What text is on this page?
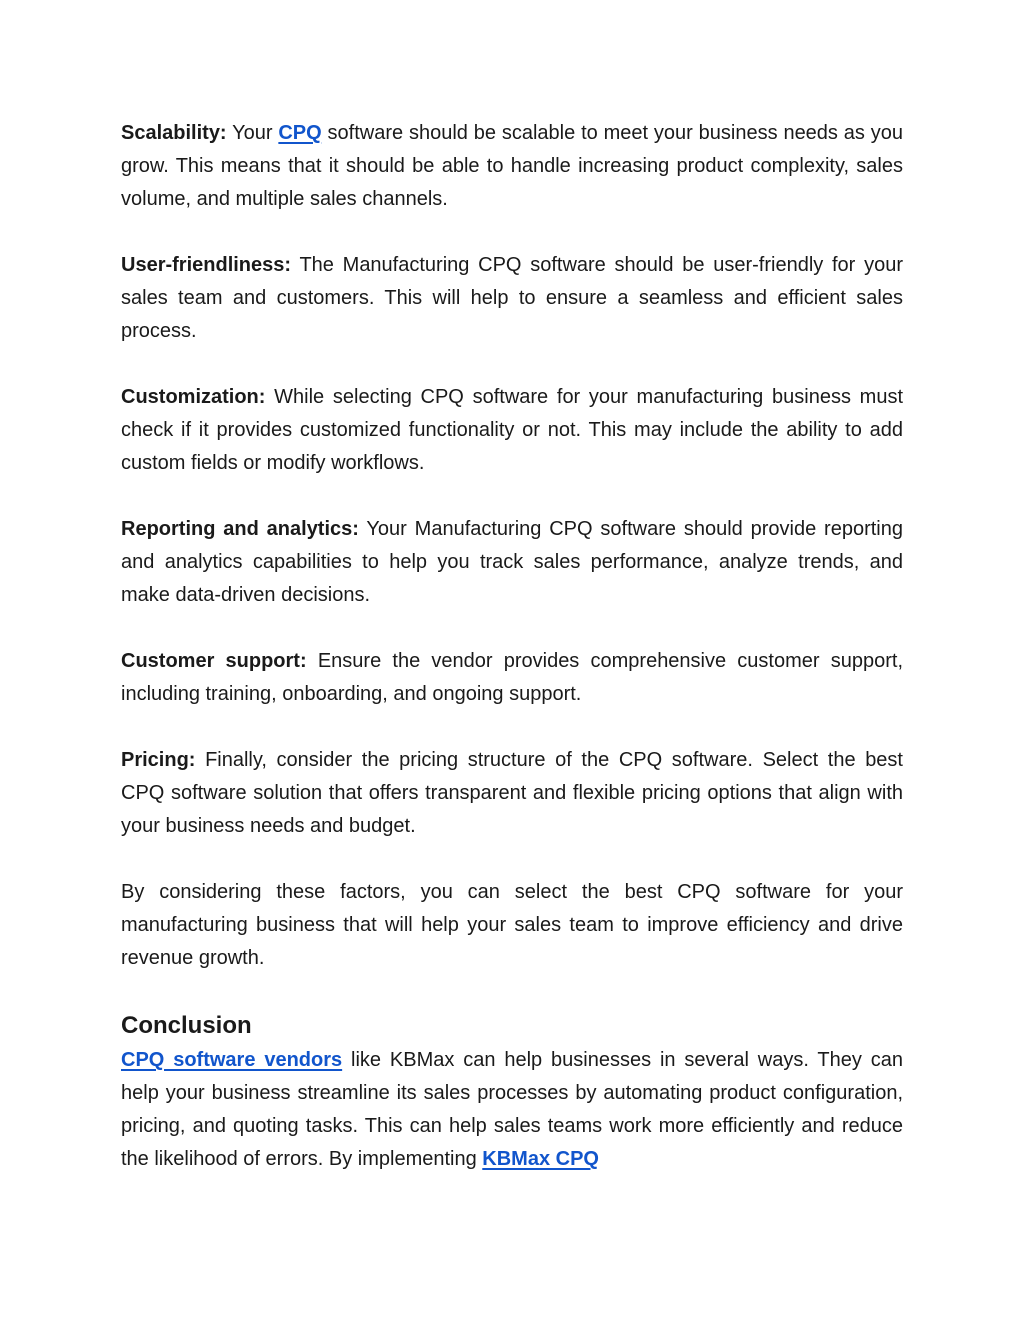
Scalability: Your CPQ software should be scalable to meet your business needs as you grow. This means that it should be able to handle increasing product complexity, sales volume, and multiple sales channels.

User-friendliness: The Manufacturing CPQ software should be user-friendly for your sales team and customers. This will help to ensure a seamless and efficient sales process.

Customization: While selecting CPQ software for your manufacturing business must check if it provides customized functionality or not. This may include the ability to add custom fields or modify workflows.

Reporting and analytics: Your Manufacturing CPQ software should provide reporting and analytics capabilities to help you track sales performance, analyze trends, and make data-driven decisions.

Customer support: Ensure the vendor provides comprehensive customer support, including training, onboarding, and ongoing support.

Pricing: Finally, consider the pricing structure of the CPQ software. Select the best CPQ software solution that offers transparent and flexible pricing options that align with your business needs and budget.

By considering these factors, you can select the best CPQ software for your manufacturing business that will help your sales team to improve efficiency and drive revenue growth.

Conclusion

CPQ software vendors like KBMax can help businesses in several ways. They can help your business streamline its sales processes by automating product configuration, pricing, and quoting tasks. This can help sales teams work more efficiently and reduce the likelihood of errors. By implementing KBMax CPQ
